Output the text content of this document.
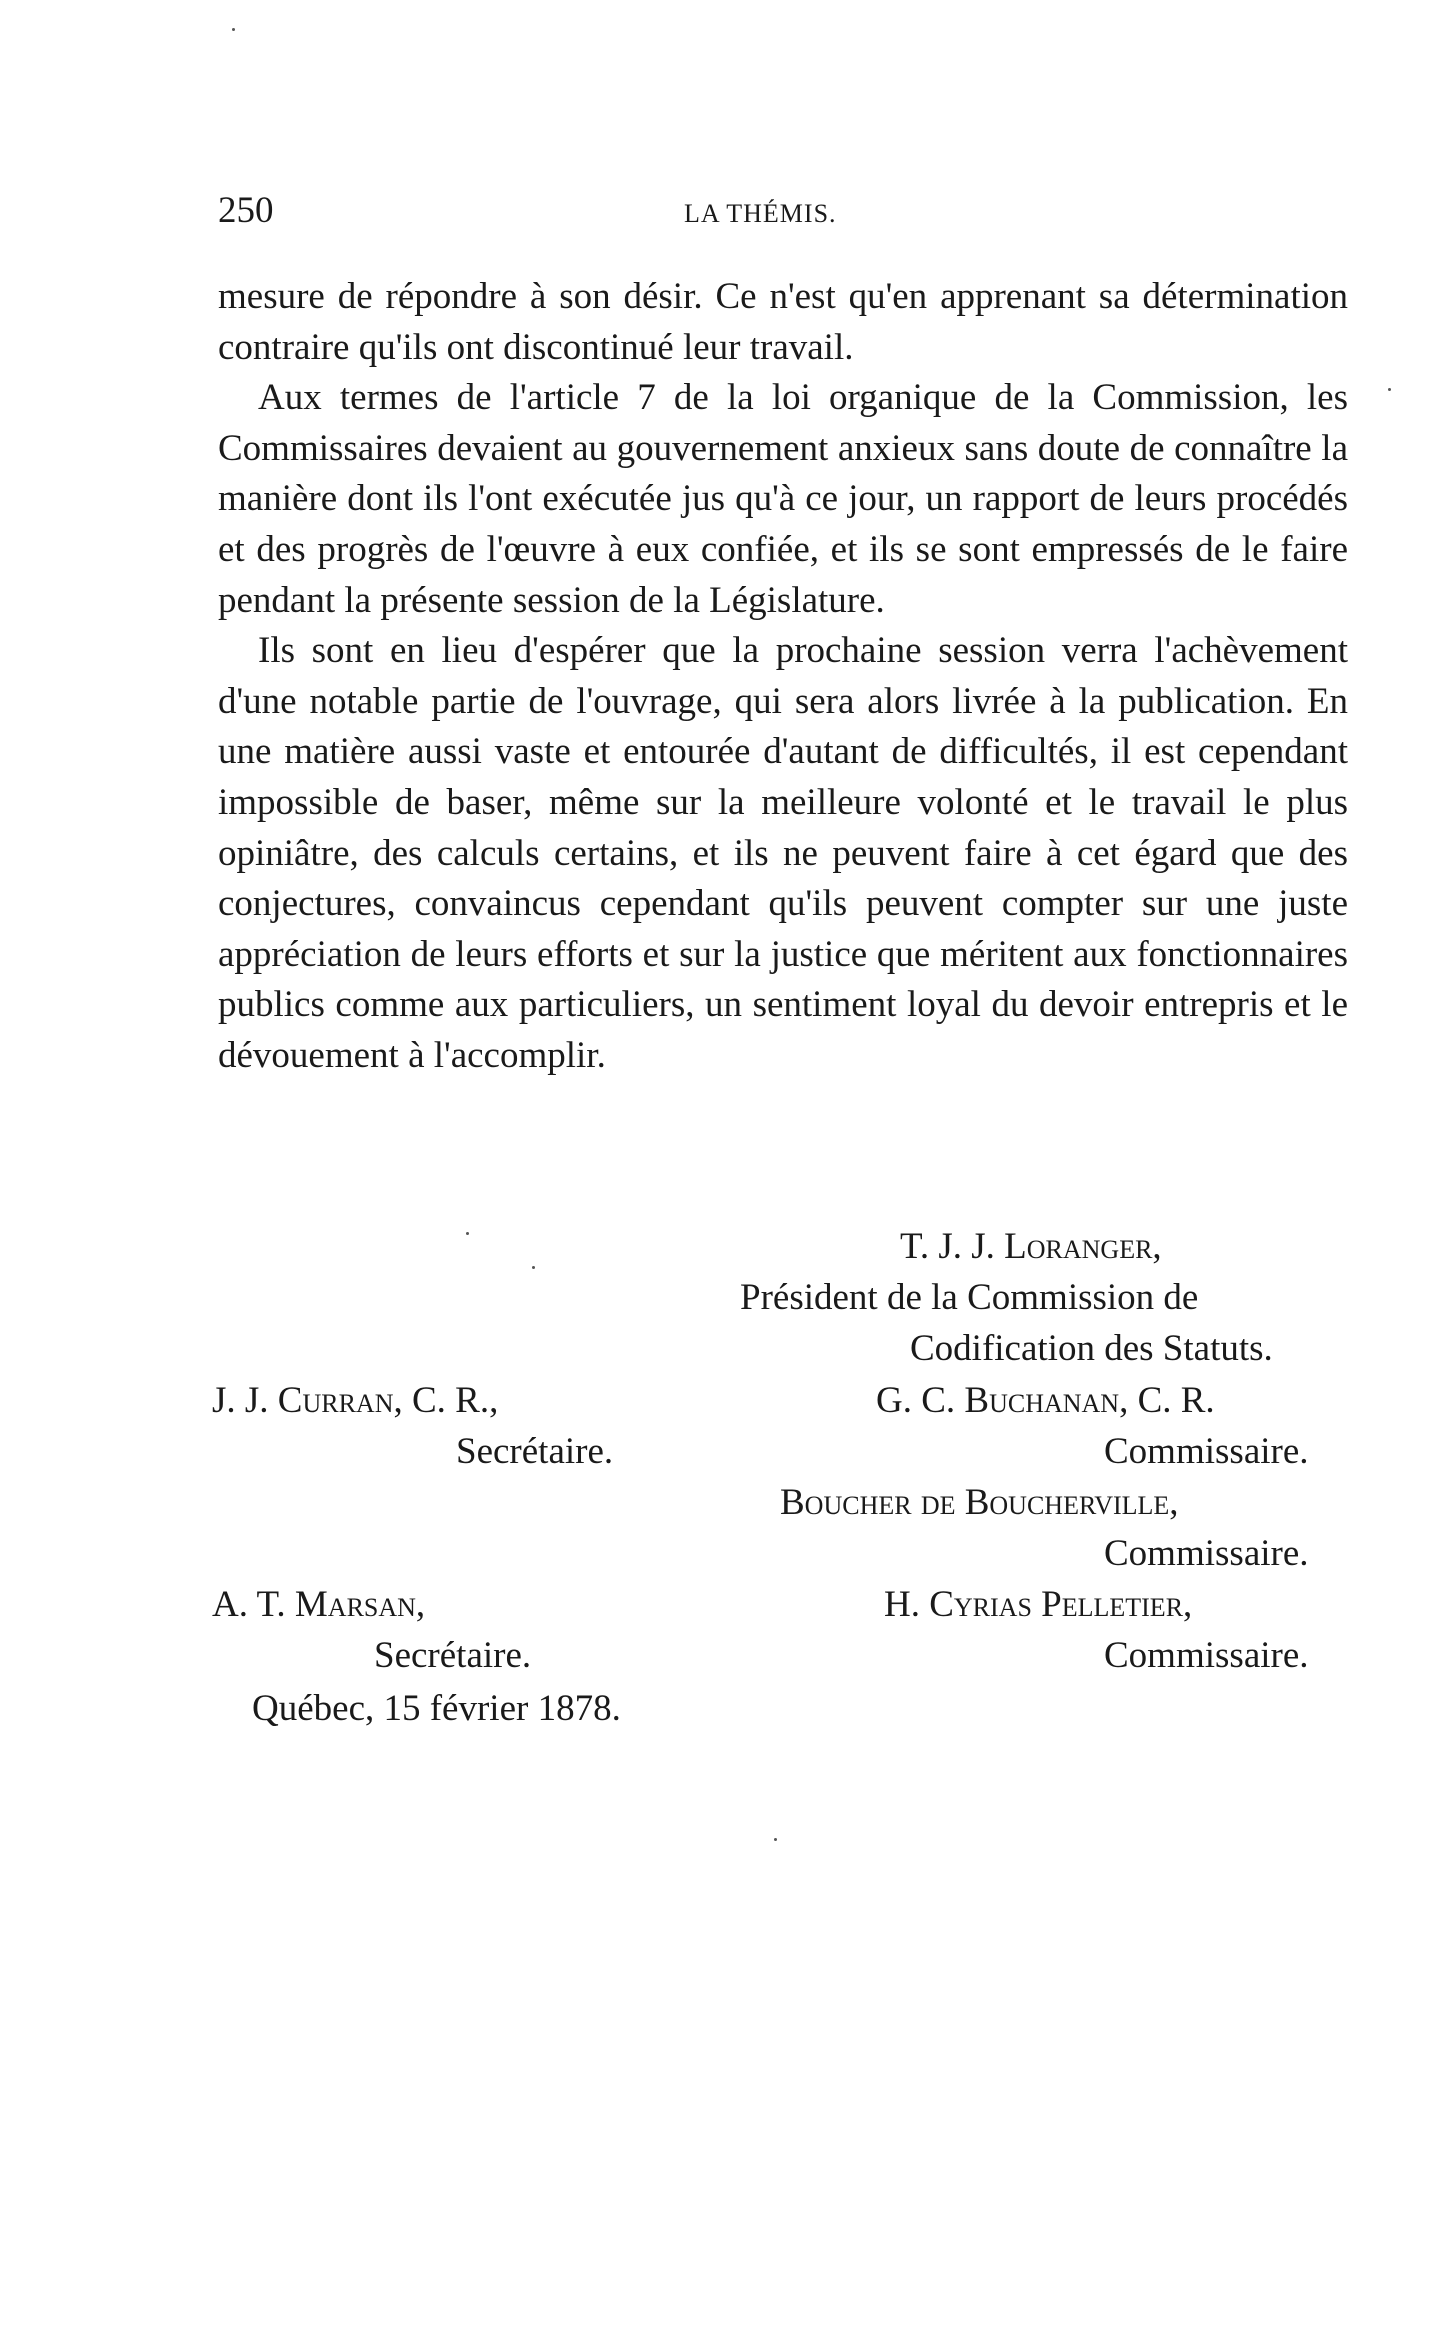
250	LA THÉMIS.

mesure de répondre à son désir. Ce n'est qu'en apprenant sa détermination contraire qu'ils ont discontinué leur travail.

Aux termes de l'article 7 de la loi organique de la Commission, les Commissaires devaient au gouvernement anxieux sans doute de connaître la manière dont ils l'ont exécutée jus qu'à ce jour, un rapport de leurs procédés et des progrès de l'œuvre à eux confiée, et ils se sont empressés de le faire pendant la présente session de la Législature.

Ils sont en lieu d'espérer que la prochaine session verra l'achèvement d'une notable partie de l'ouvrage, qui sera alors livrée à la publication. En une matière aussi vaste et entourée d'autant de difficultés, il est cependant impossible de baser, même sur la meilleure volonté et le travail le plus opiniâtre, des calculs certains, et ils ne peuvent faire à cet égard que des conjectures, convaincus cependant qu'ils peuvent compter sur une juste appréciation de leurs efforts et sur la justice que méritent aux fonctionnaires publics comme aux particuliers, un sentiment loyal du devoir entrepris et le dévouement à l'accomplir.

T. J. J. Loranger,
Président de la Commission de
Codification des Statuts.
J. J. Curran, C. R.,
Secrétaire.
G. C. Buchanan, C. R.
Commissaire.
Boucher de Boucherville,
Commissaire.
A. T. Marsan,
Secrétaire.
H. Cyrias Pelletier,
Commissaire.
Québec, 15 février 1878.
